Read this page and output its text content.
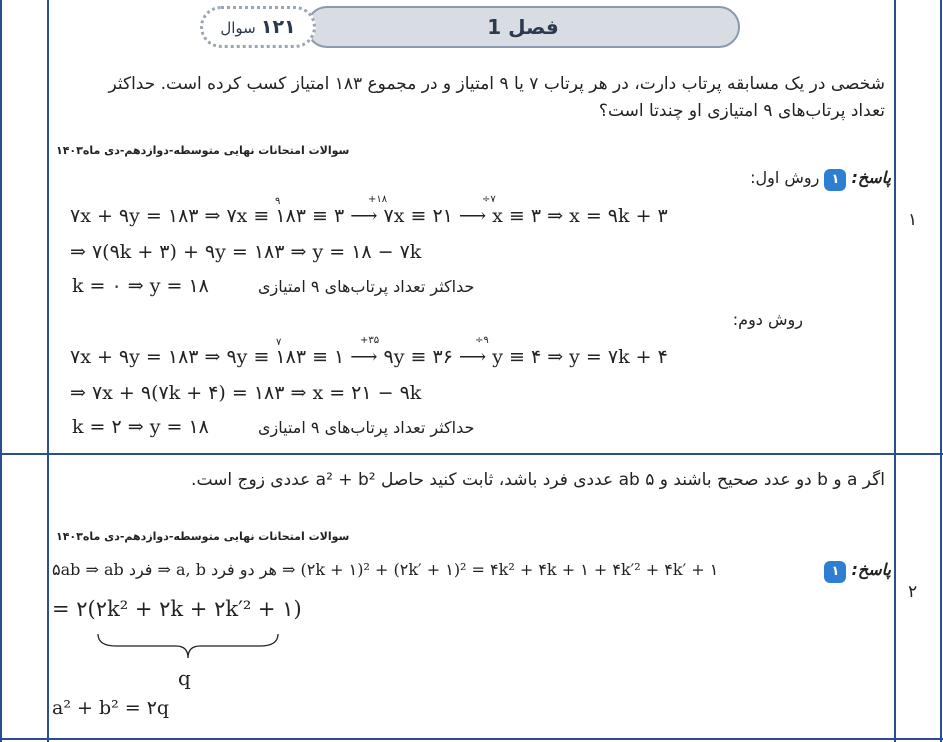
فصل 1
۱۲۱ سوال
۱
شخصی در یک مسابقه پرتاب دارت، در هر پرتاب ۷ یا ۹ امتیاز و در مجموع ۱۸۳ امتیاز کسب کرده است. حداکثر
تعداد پرتاب‌های ۹ امتیازی او چندتا است؟
سوالات امتحانات نهایی متوسطه-دوازدهم-دی ماه۱۴۰۳
پاسخ: ۱ روش اول:
۷x + ۹y = ۱۸۳ ⇒ ۷x ≡ ۱۸۳ ≡ ۳ ⟶ ۷x ≡ ۲۱ ⟶ x ≡ ۳ ⇒ x = ۹k + ۳
۹	+۱۸	÷۷
⇒ ۷(۹k + ۳) + ۹y = ۱۸۳ ⇒ y = ۱۸ − ۷k
k = ۰ ⇒ y = ۱۸	حداکثر تعداد پرتاب‌های ۹ امتیازی
روش دوم:
۷x + ۹y = ۱۸۳ ⇒ ۹y ≡ ۱۸۳ ≡ ۱ ⟶ ۹y ≡ ۳۶ ⟶ y ≡ ۴ ⇒ y = ۷k + ۴
۷	+۳۵	÷۹
⇒ ۷x + ۹(۷k + ۴) = ۱۸۳ ⇒ x = ۲۱ − ۹k
k = ۲ ⇒ y = ۱۸	حداکثر تعداد پرتاب‌های ۹ امتیازی
۲
اگر a و b دو عدد صحیح باشند و ۵ ab عددی فرد باشد، ثابت کنید حاصل a² + b² عددی زوج است.
سوالات امتحانات نهایی متوسطه-دوازدهم-دی ماه۱۴۰۳
پاسخ: ۱
۵ab ⇒ ab فرد ⇒ a, b هر دو فرد ⇒ (۲k + ۱)² + (۲k′ + ۱)² = ۴k² + ۴k + ۱ + ۴k′² + ۴k′ + ۱
= ۲(۲k² + ۲k + ۲k′² + ۱)
q
a² + b² = ۲q
